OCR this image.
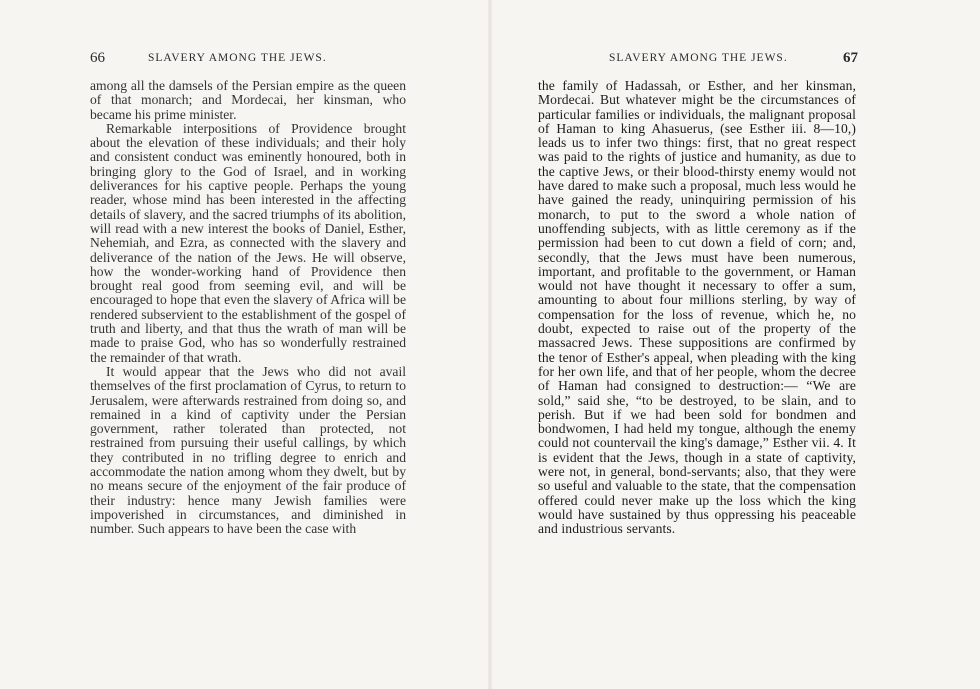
66	SLAVERY AMONG THE JEWS.

among all the damsels of the Persian empire as the queen of that monarch; and Mordecai, her kinsman, who became his prime minister.

Remarkable interpositions of Providence brought about the elevation of these individuals; and their holy and consistent conduct was eminently honoured, both in bringing glory to the God of Israel, and in working deliverances for his captive people. Perhaps the young reader, whose mind has been interested in the affecting details of slavery, and the sacred triumphs of its abolition, will read with a new interest the books of Daniel, Esther, Nehemiah, and Ezra, as connected with the slavery and deliverance of the nation of the Jews. He will observe, how the wonder-working hand of Providence then brought real good from seeming evil, and will be encouraged to hope that even the slavery of Africa will be rendered subservient to the establishment of the gospel of truth and liberty, and that thus the wrath of man will be made to praise God, who has so wonderfully restrained the remainder of that wrath.

It would appear that the Jews who did not avail themselves of the first proclamation of Cyrus, to return to Jerusalem, were afterwards restrained from doing so, and remained in a kind of captivity under the Persian government, rather tolerated than protected, not restrained from pursuing their useful callings, by which they contributed in no trifling degree to enrich and accommodate the nation among whom they dwelt, but by no means secure of the enjoyment of the fair produce of their industry: hence many Jewish families were impoverished in circumstances, and diminished in number. Such appears to have been the case with

SLAVERY AMONG THE JEWS.	67

the family of Hadassah, or Esther, and her kinsman, Mordecai. But whatever might be the circumstances of particular families or individuals, the malignant proposal of Haman to king Ahasuerus, (see Esther iii. 8—10,) leads us to infer two things: first, that no great respect was paid to the rights of justice and humanity, as due to the captive Jews, or their blood-thirsty enemy would not have dared to make such a proposal, much less would he have gained the ready, uninquiring permission of his monarch, to put to the sword a whole nation of unoffending subjects, with as little ceremony as if the permission had been to cut down a field of corn; and, secondly, that the Jews must have been numerous, important, and profitable to the government, or Haman would not have thought it necessary to offer a sum, amounting to about four millions sterling, by way of compensation for the loss of revenue, which he, no doubt, expected to raise out of the property of the massacred Jews. These suppositions are confirmed by the tenor of Esther's appeal, when pleading with the king for her own life, and that of her people, whom the decree of Haman had consigned to destruction:— “We are sold,” said she, “to be destroyed, to be slain, and to perish. But if we had been sold for bondmen and bondwomen, I had held my tongue, although the enemy could not countervail the king's damage,” Esther vii. 4. It is evident that the Jews, though in a state of captivity, were not, in general, bond-servants; also, that they were so useful and valuable to the state, that the compensation offered could never make up the loss which the king would have sustained by thus oppressing his peaceable and industrious servants.
